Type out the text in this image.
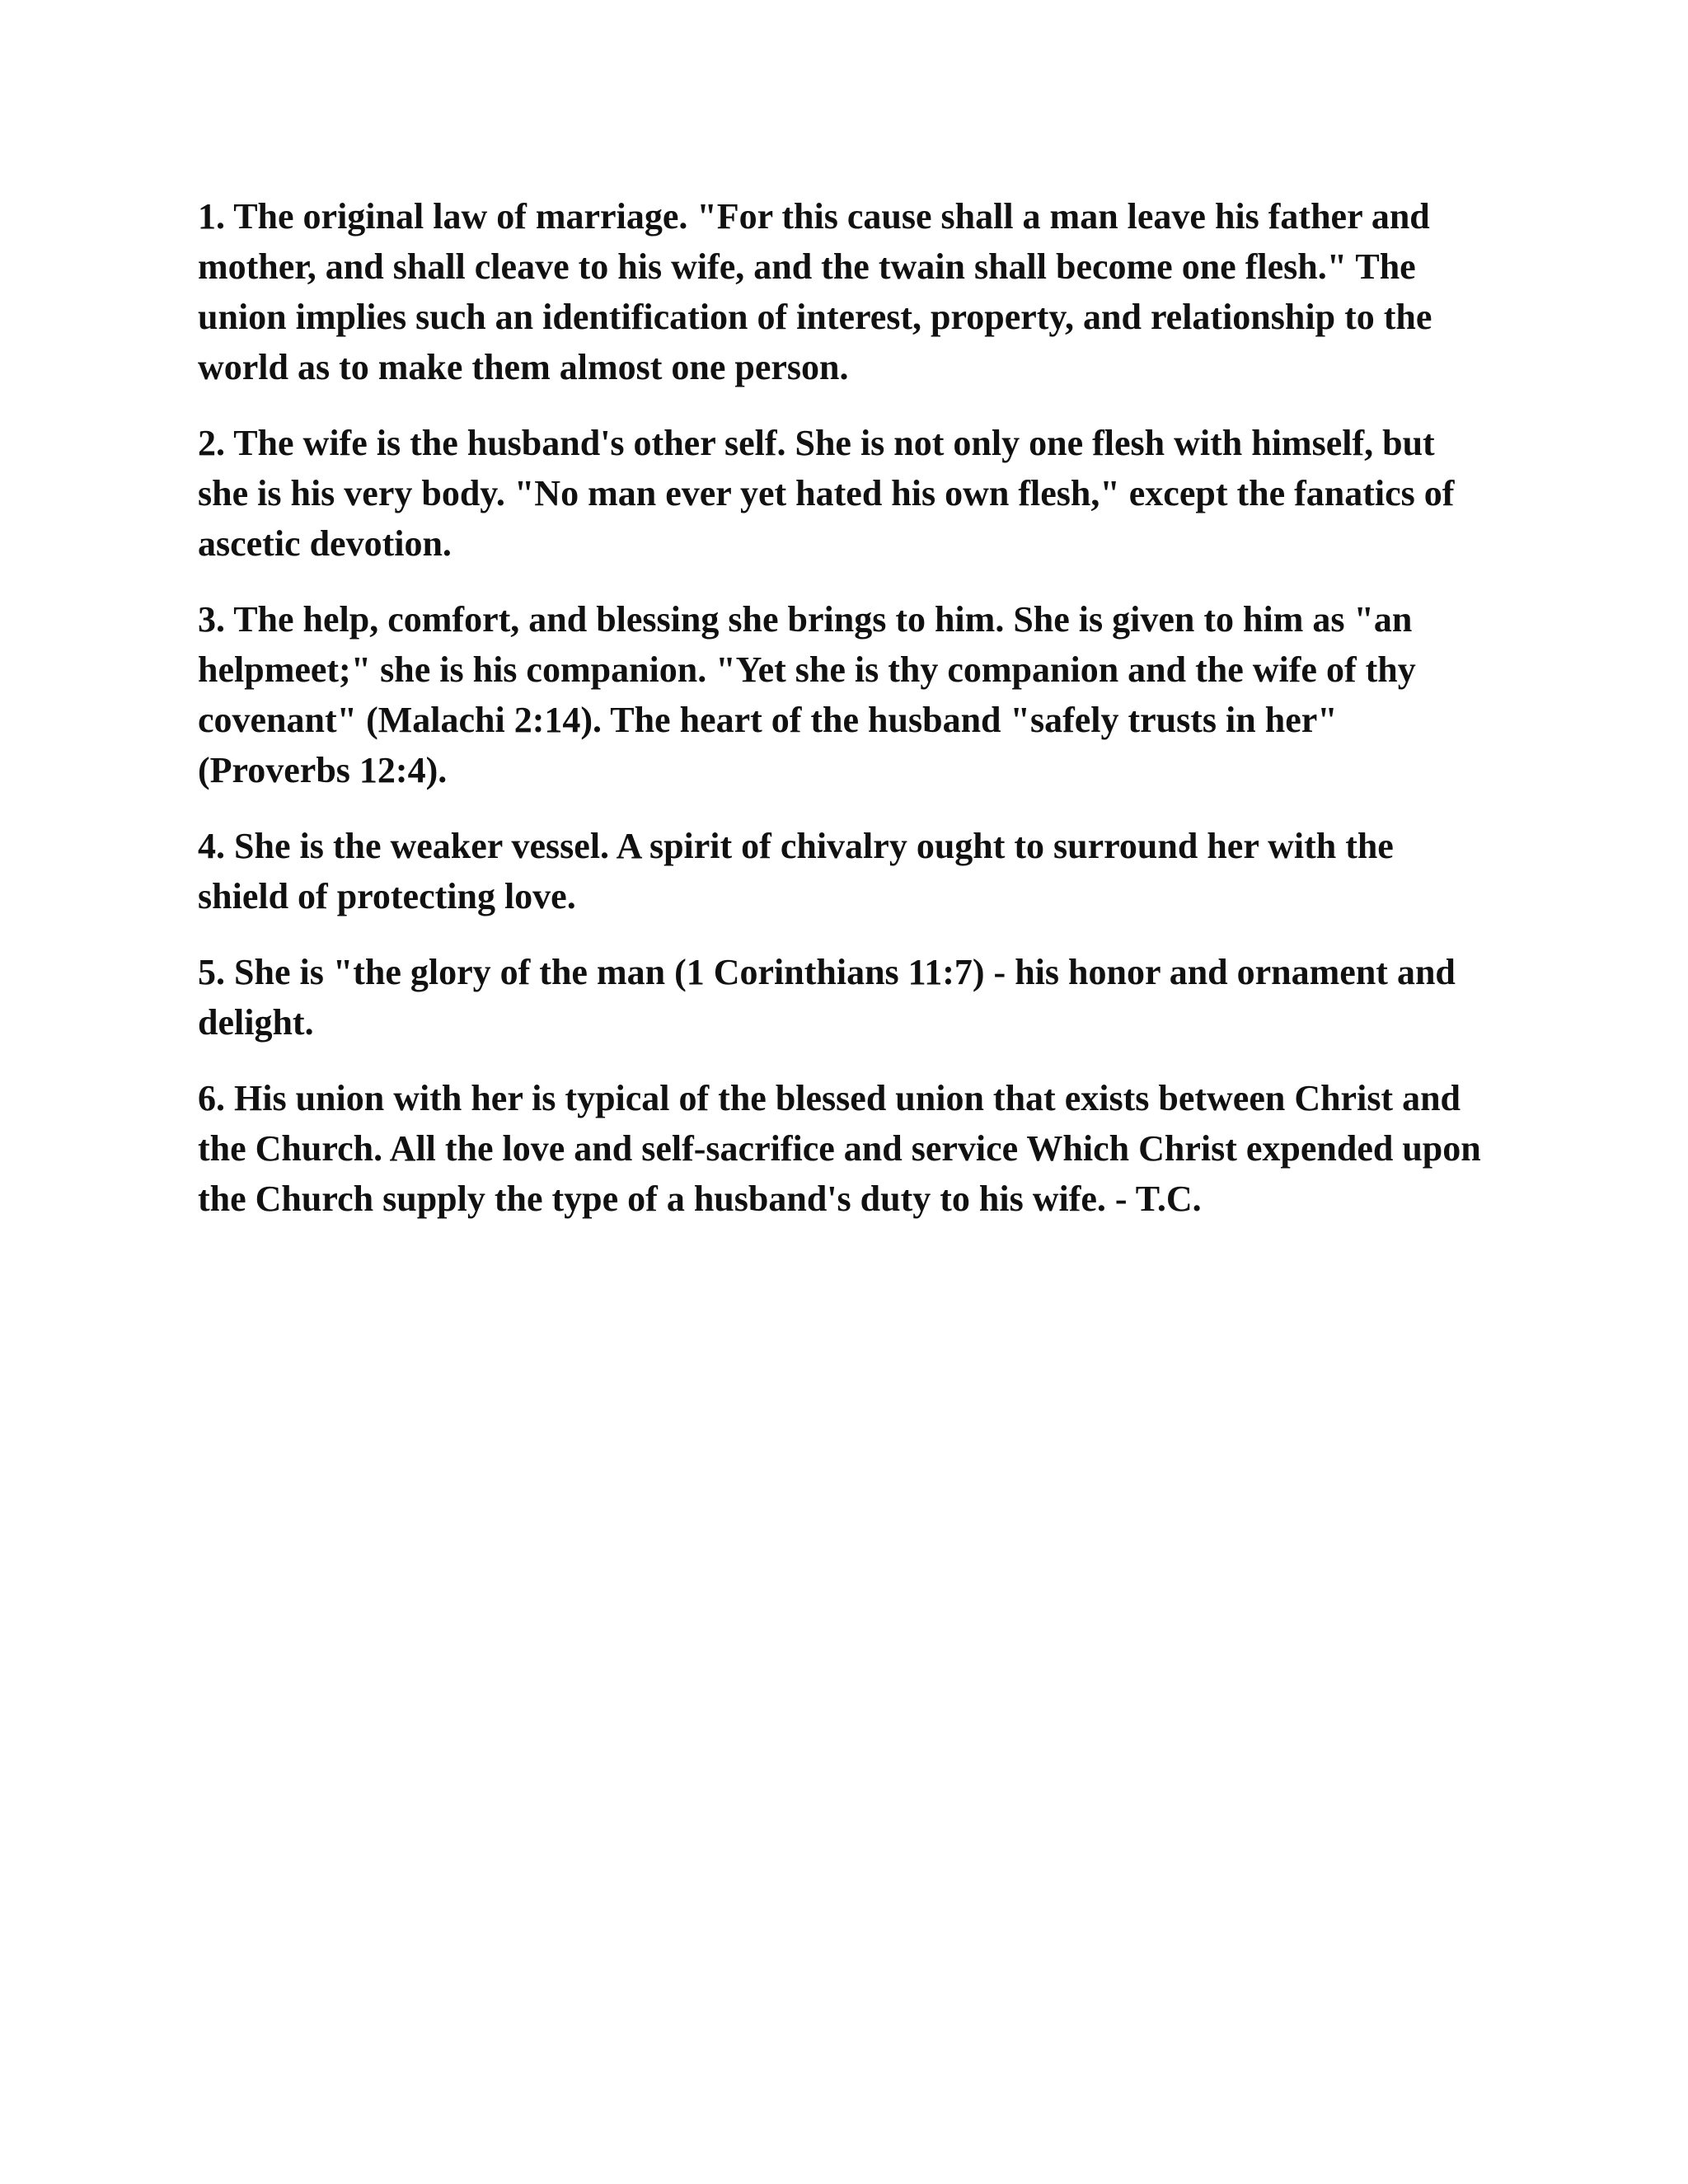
1. The original law of marriage. "For this cause shall a man leave his father and mother, and shall cleave to his wife, and the twain shall become one flesh." The union implies such an identification of interest, property, and relationship to the world as to make them almost one person.

2. The wife is the husband's other self. She is not only one flesh with himself, but she is his very body. "No man ever yet hated his own flesh," except the fanatics of ascetic devotion.

3. The help, comfort, and blessing she brings to him. She is given to him as "an helpmeet;" she is his companion. "Yet she is thy companion and the wife of thy covenant" (Malachi 2:14). The heart of the husband "safely trusts in her" (Proverbs 12:4).

4. She is the weaker vessel. A spirit of chivalry ought to surround her with the shield of protecting love.

5. She is "the glory of the man (1 Corinthians 11:7) - his honor and ornament and delight.

6. His union with her is typical of the blessed union that exists between Christ and the Church. All the love and self-sacrifice and service Which Christ expended upon the Church supply the type of a husband's duty to his wife. - T.C.
